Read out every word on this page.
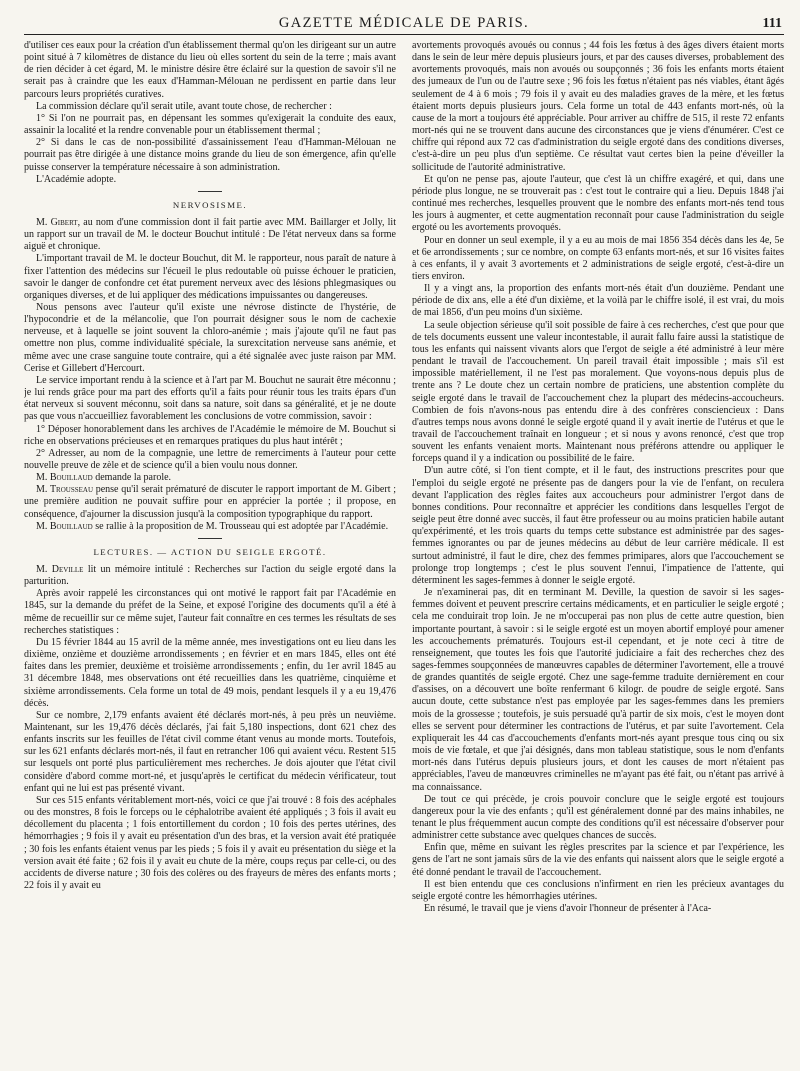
GAZETTE MÉDICALE DE PARIS.	111

d'utiliser ces eaux pour la création d'un établissement thermal qu'on les dirigeant sur un autre point situé à 7 kilomètres de distance du lieu où elles sortent du sein de la terre ; mais avant de rien décider à cet égard, M. le ministre désire être éclairé sur la question de savoir s'il ne serait pas à craindre que les eaux d'Hamman-Mélouan ne perdissent en partie dans leur parcours leurs propriétés curatives.

La commission déclare qu'il serait utile, avant toute chose, de rechercher :

1° Si l'on ne pourrait pas, en dépensant les sommes qu'exigerait la conduite des eaux, assainir la localité et la rendre convenable pour un établissement thermal ;

2° Si dans le cas de non-possibilité d'assainissement l'eau d'Hamman-Mélouan ne pourrait pas être dirigée à une distance moins grande du lieu de son émergence, afin qu'elle puisse conserver la température nécessaire à son administration.

L'Académie adopte.

NERVOSISME.

M. Gibert, au nom d'une commission dont il fait partie avec MM. Baillarger et Jolly, lit un rapport sur un travail de M. le docteur Bouchut intitulé : De l'état nerveux dans sa forme aiguë et chronique.

L'important travail de M. le docteur Bouchut, dit M. le rapporteur, nous paraît de nature à fixer l'attention des médecins sur l'écueil le plus redoutable où puisse échouer le praticien, savoir le danger de confondre cet état purement nerveux avec des lésions phlegmasiques ou organiques diverses, et de lui appliquer des médications impuissantes ou dangereuses.

Nous pensons avec l'auteur qu'il existe une névrose distincte de l'hystérie, de l'hypocondrie et de la mélancolie, que l'on pourrait désigner sous le nom de cachexie nerveuse, et à laquelle se joint souvent la chloro-anémie ; mais j'ajoute qu'il ne faut pas omettre non plus, comme individualité spéciale, la surexcitation nerveuse sans anémie, et même avec une crase sanguine toute contraire, qui a été signalée avec juste raison par MM. Cerise et Gillebert d'Hercourt.

Le service important rendu à la science et à l'art par M. Bouchut ne saurait être méconnu ; je lui rends grâce pour ma part des efforts qu'il a faits pour réunir tous les traits épars d'un état nerveux si souvent méconnu, soit dans sa nature, soit dans sa généralité, et je ne doute pas que vous n'accueilliez favorablement les conclusions de votre commission, savoir :

1° Déposer honorablement dans les archives de l'Académie le mémoire de M. Bouchut si riche en observations précieuses et en remarques pratiques du plus haut intérêt ;

2° Adresser, au nom de la compagnie, une lettre de remerciments à l'auteur pour cette nouvelle preuve de zèle et de science qu'il a bien voulu nous donner.

M. Bouillaud demande la parole.

M. Trousseau pense qu'il serait prématuré de discuter le rapport important de M. Gibert ; une première audition ne pouvait suffire pour en apprécier la portée ; il propose, en conséquence, d'ajourner la discussion jusqu'à la composition typographique du rapport.

M. Bouillaud se rallie à la proposition de M. Trousseau qui est adoptée par l'Académie.

LECTURES. — ACTION DU SEIGLE ERGOTÉ.

M. Deville lit un mémoire intitulé : Recherches sur l'action du seigle ergoté dans la parturition.

Après avoir rappelé les circonstances qui ont motivé le rapport fait par l'Académie en 1845, sur la demande du préfet de la Seine, et exposé l'origine des documents qu'il a été à même de recueillir sur ce même sujet, l'auteur fait connaître en ces termes les résultats de ses recherches statistiques :

Du 15 février 1844 au 15 avril de la même année, mes investigations ont eu lieu dans les dixième, onzième et douzième arrondissements ; en février et en mars 1845, elles ont été faites dans les premier, deuxième et troisième arrondissements ; enfin, du 1er avril 1845 au 31 décembre 1848, mes observations ont été recueillies dans les quatrième, cinquième et sixième arrondissements. Cela forme un total de 49 mois, pendant lesquels il y a eu 19,476 décès.

Sur ce nombre, 2,179 enfants avaient été déclarés mort-nés, à peu près un neuvième. Maintenant, sur les 19,476 décès déclarés, j'ai fait 5,180 inspections, dont 621 chez des enfants inscrits sur les feuilles de l'état civil comme étant venus au monde morts. Toutefois, sur les 621 enfants déclarés mort-nés, il faut en retrancher 106 qui avaient vécu. Restent 515 sur lesquels ont porté plus particulièrement mes recherches. Je dois ajouter que l'état civil considère d'abord comme mort-né, et jusqu'après le certificat du médecin vérificateur, tout enfant qui ne lui est pas présenté vivant.

Sur ces 515 enfants véritablement mort-nés, voici ce que j'ai trouvé : 8 fois des acéphales ou des monstres, 8 fois le forceps ou le céphalotribe avaient été appliqués ; 3 fois il avait eu décollement du placenta ; 1 fois entortillement du cordon ; 10 fois des pertes utérines, des hémorrhagies ; 9 fois il y avait eu présentation d'un des bras, et la version avait été pratiquée ; 30 fois les enfants étaient venus par les pieds ; 5 fois il y avait eu présentation du siège et la version avait été faite ; 62 fois il y avait eu chute de la mère, coups reçus par celle-ci, ou des accidents de diverse nature ; 30 fois des colères ou des frayeurs de mères des enfants morts ; 22 fois il y avait eu

avortements provoqués avoués ou connus ; 44 fois les fœtus à des âges divers étaient morts dans le sein de leur mère depuis plusieurs jours, et par des causes diverses, probablement des avortements provoqués, mais non avoués ou soupçonnés ; 36 fois les enfants morts étaient des jumeaux de l'un ou de l'autre sexe ; 96 fois les fœtus n'étaient pas nés viables, étant âgés seulement de 4 à 6 mois ; 79 fois il y avait eu des maladies graves de la mère, et les fœtus étaient morts depuis plusieurs jours. Cela forme un total de 443 enfants mort-nés, où la cause de la mort a toujours été appréciable. Pour arriver au chiffre de 515, il reste 72 enfants mort-nés qui ne se trouvent dans aucune des circonstances que je viens d'énumérer. C'est ce chiffre qui répond aux 72 cas d'administration du seigle ergoté dans des conditions diverses, c'est-à-dire un peu plus d'un septième. Ce résultat vaut certes bien la peine d'éveiller la sollicitude de l'autorité administrative.

Et qu'on ne pense pas, ajoute l'auteur, que c'est là un chiffre exagéré, et qui, dans une période plus longue, ne se trouverait pas : c'est tout le contraire qui a lieu. Depuis 1848 j'ai continué mes recherches, lesquelles prouvent que le nombre des enfants mort-nés tend tous les jours à augmenter, et cette augmentation reconnaît pour cause l'administration du seigle ergoté ou les avortements provoqués.

Pour en donner un seul exemple, il y a eu au mois de mai 1856 354 décès dans les 4e, 5e et 6e arrondissements ; sur ce nombre, on compte 63 enfants mort-nés, et sur 16 visites faites à ces enfants, il y avait 3 avortements et 2 administrations de seigle ergoté, c'est-à-dire un tiers environ.

Il y a vingt ans, la proportion des enfants mort-nés était d'un douzième. Pendant une période de dix ans, elle a été d'un dixième, et la voilà par le chiffre isolé, il est vrai, du mois de mai 1856, d'un peu moins d'un sixième.

La seule objection sérieuse qu'il soit possible de faire à ces recherches, c'est que pour que de tels documents eussent une valeur incontestable, il aurait fallu faire aussi la statistique de tous les enfants qui naissent vivants alors que l'ergot de seigle a été administré à leur mère pendant le travail de l'accouchement. Un pareil travail était impossible ; mais s'il est impossible matériellement, il ne l'est pas moralement. Que voyons-nous depuis plus de trente ans ? Le doute chez un certain nombre de praticiens, une abstention complète du seigle ergoté dans le travail de l'accouchement chez la plupart des médecins-accoucheurs. Combien de fois n'avons-nous pas entendu dire à des confrères consciencieux : Dans d'autres temps nous avons donné le seigle ergoté quand il y avait inertie de l'utérus et que le travail de l'accouchement traînait en longueur ; et si nous y avons renoncé, c'est que trop souvent les enfants venaient morts. Maintenant nous préférons attendre ou appliquer le forceps quand il y a indication ou possibilité de le faire.

D'un autre côté, si l'on tient compte, et il le faut, des instructions prescrites pour que l'emploi du seigle ergoté ne présente pas de dangers pour la vie de l'enfant, on reculera devant l'application des règles faites aux accoucheurs pour administrer l'ergot dans de bonnes conditions. Pour reconnaître et apprécier les conditions dans lesquelles l'ergot de seigle peut être donné avec succès, il faut être professeur ou au moins praticien habile autant qu'expérimenté, et les trois quarts du temps cette substance est administrée par des sages-femmes ignorantes ou par de jeunes médecins au début de leur carrière médicale. Il est surtout administré, il faut le dire, chez des femmes primipares, alors que l'accouchement se prolonge trop longtemps ; c'est le plus souvent l'ennui, l'impatience de l'attente, qui déterminent les sages-femmes à donner le seigle ergoté.

Je n'examinerai pas, dit en terminant M. Deville, la question de savoir si les sages-femmes doivent et peuvent prescrire certains médicaments, et en particulier le seigle ergoté ; cela me conduirait trop loin. Je ne m'occuperai pas non plus de cette autre question, bien importante pourtant, à savoir : si le seigle ergoté est un moyen abortif employé pour amener les accouchements prématurés. Toujours est-il cependant, et je note ceci à titre de renseignement, que toutes les fois que l'autorité judiciaire a fait des recherches chez des sages-femmes soupçonnées de manœuvres capables de déterminer l'avortement, elle a trouvé de grandes quantités de seigle ergoté. Chez une sage-femme traduite dernièrement en cour d'assises, on a découvert une boîte renfermant 6 kilogr. de poudre de seigle ergoté. Sans aucun doute, cette substance n'est pas employée par les sages-femmes dans les premiers mois de la grossesse ; toutefois, je suis persuadé qu'à partir de six mois, c'est le moyen dont elles se servent pour déterminer les contractions de l'utérus, et par suite l'avortement. Cela expliquerait les 44 cas d'accouchements d'enfants mort-nés ayant presque tous cinq ou six mois de vie fœtale, et que j'ai désignés, dans mon tableau statistique, sous le nom d'enfants mort-nés dans l'utérus depuis plusieurs jours, et dont les causes de mort n'étaient pas appréciables, l'aveu de manœuvres criminelles ne m'ayant pas été fait, ou n'étant pas arrivé à ma connaissance.

De tout ce qui précède, je crois pouvoir conclure que le seigle ergoté est toujours dangereux pour la vie des enfants ; qu'il est généralement donné par des mains inhabiles, ne tenant le plus fréquemment aucun compte des conditions qu'il est nécessaire d'observer pour administrer cette substance avec quelques chances de succès.

Enfin que, même en suivant les règles prescrites par la science et par l'expérience, les gens de l'art ne sont jamais sûrs de la vie des enfants qui naissent alors que le seigle ergoté a été donné pendant le travail de l'accouchement.

Il est bien entendu que ces conclusions n'infirment en rien les précieux avantages du seigle ergoté contre les hémorrhagies utérines.

En résumé, le travail que je viens d'avoir l'honneur de présenter à l'Aca-
